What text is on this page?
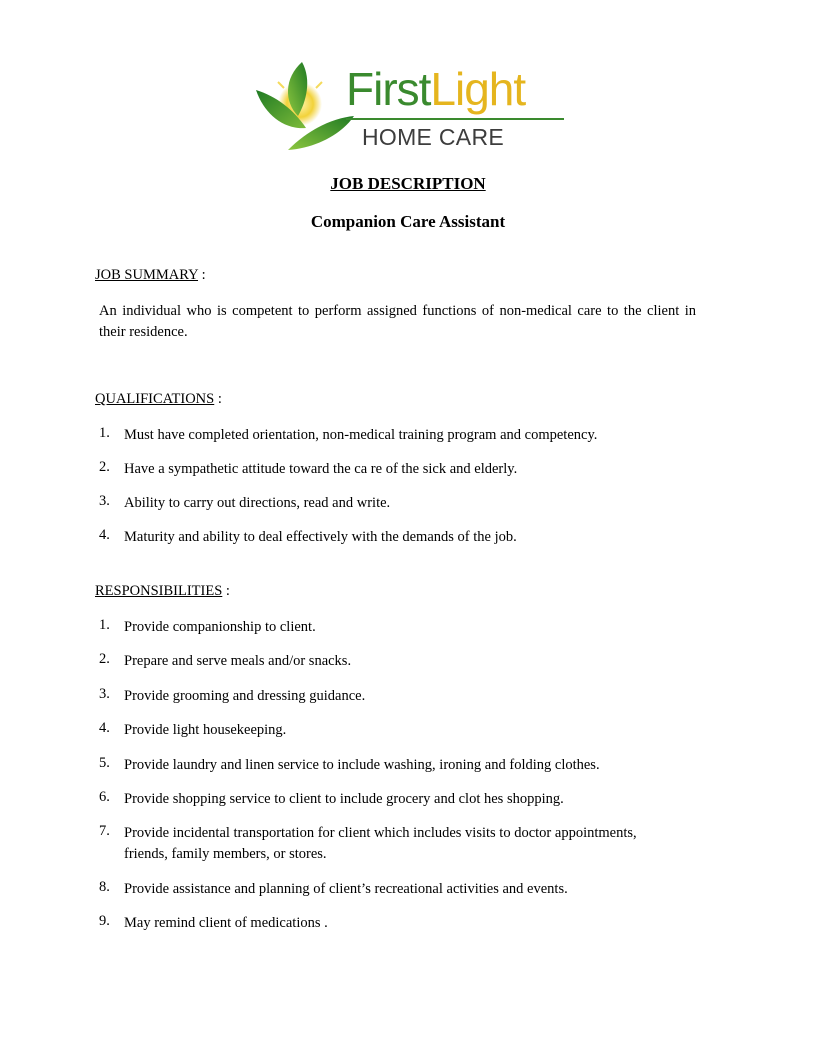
FirstLight
HOME CARE
JOB DESCRIPTION
Companion Care Assistant
JOB SUMMARY :

An individual who is competent to perform assigned functions of non-medical care to the client in their residence.

QUALIFICATIONS :
1. Must have completed orientation, non-medical training program and competency.
2. Have a sympathetic attitude toward the ca re of the sick and elderly.
3. Ability to carry out directions, read and write.
4. Maturity and ability to deal effectively with the demands of the job.
RESPONSIBILITIES :
1. Provide companionship to client.
2. Prepare and serve meals and/or snacks.
3. Provide grooming and dressing guidance.
4. Provide light housekeeping.
5. Provide laundry and linen service to include washing, ironing and folding clothes.
6. Provide shopping service to client to include grocery and clot hes shopping.
7. Provide incidental transportation for client which includes visits to doctor appointments, friends, family members, or stores.
8. Provide assistance and planning of client’s recreational activities and events.
9. May remind client of medications .
